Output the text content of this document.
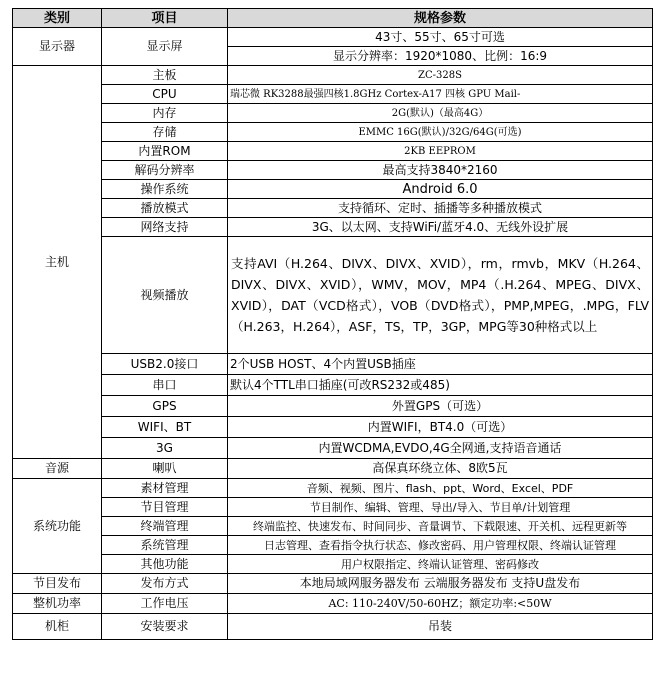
类别	项目	规格参数
显示器	显示屏	43寸、55寸、65寸可选
		显示分辨率：1920*1080、比例：16:9
主机	主板	ZC-328S
	CPU	瑞芯微 RK3288最强四核1.8GHz Cortex-A17 四核 GPU Mail-
	内存	2G(默认)（最高4G）
	存储	EMMC 16G(默认)/32G/64G(可选)
	内置ROM	2KB EEPROM
	解码分辨率	最高支持3840*2160
	操作系统	Android 6.0
	播放模式	支持循环、定时、插播等多种播放模式
	网络支持	3G、以太网、支持WiFi/蓝牙4.0、无线外设扩展
	视频播放	支持AVI（H.264、DIVX、DIVX、XVID），rm，rmvb，MKV（H.264、DIVX、DIVX、XVID），WMV，MOV，MP4（.H.264、MPEG、DIVX、XVID），DAT（VCD格式），VOB（DVD格式），PMP,MPEG，.MPG，FLV（H.263，H.264），ASF，TS，TP，3GP，MPG等30种格式以上
	USB2.0接口	2个USB HOST、4个内置USB插座
	串口	默认4个TTL串口插座(可改RS232或485)
	GPS	外置GPS（可选）
	WIFI、BT	内置WIFI，BT4.0（可选）
	3G	内置WCDMA,EVDO,4G全网通,支持语音通话
音源	喇叭	高保真环绕立体、8欧5瓦
系统功能	素材管理	音频、视频、图片、flash、ppt、Word、Excel、PDF
	节目管理	节目制作、编辑、管理、导出/导入、节目单/计划管理
	终端管理	终端监控、快速发布、时间同步、音量调节、下载限速、开关机、远程更新等
	系统管理	日志管理、查看指令执行状态、修改密码、用户管理权限、终端认证管理
	其他功能	用户权限指定、终端认证管理、密码修改
节目发布	发布方式	本地局域网服务器发布 云端服务器发布 支持U盘发布
整机功率	工作电压	AC: 110-240V/50-60HZ；额定功率:<50W
机柜	安装要求	吊装
